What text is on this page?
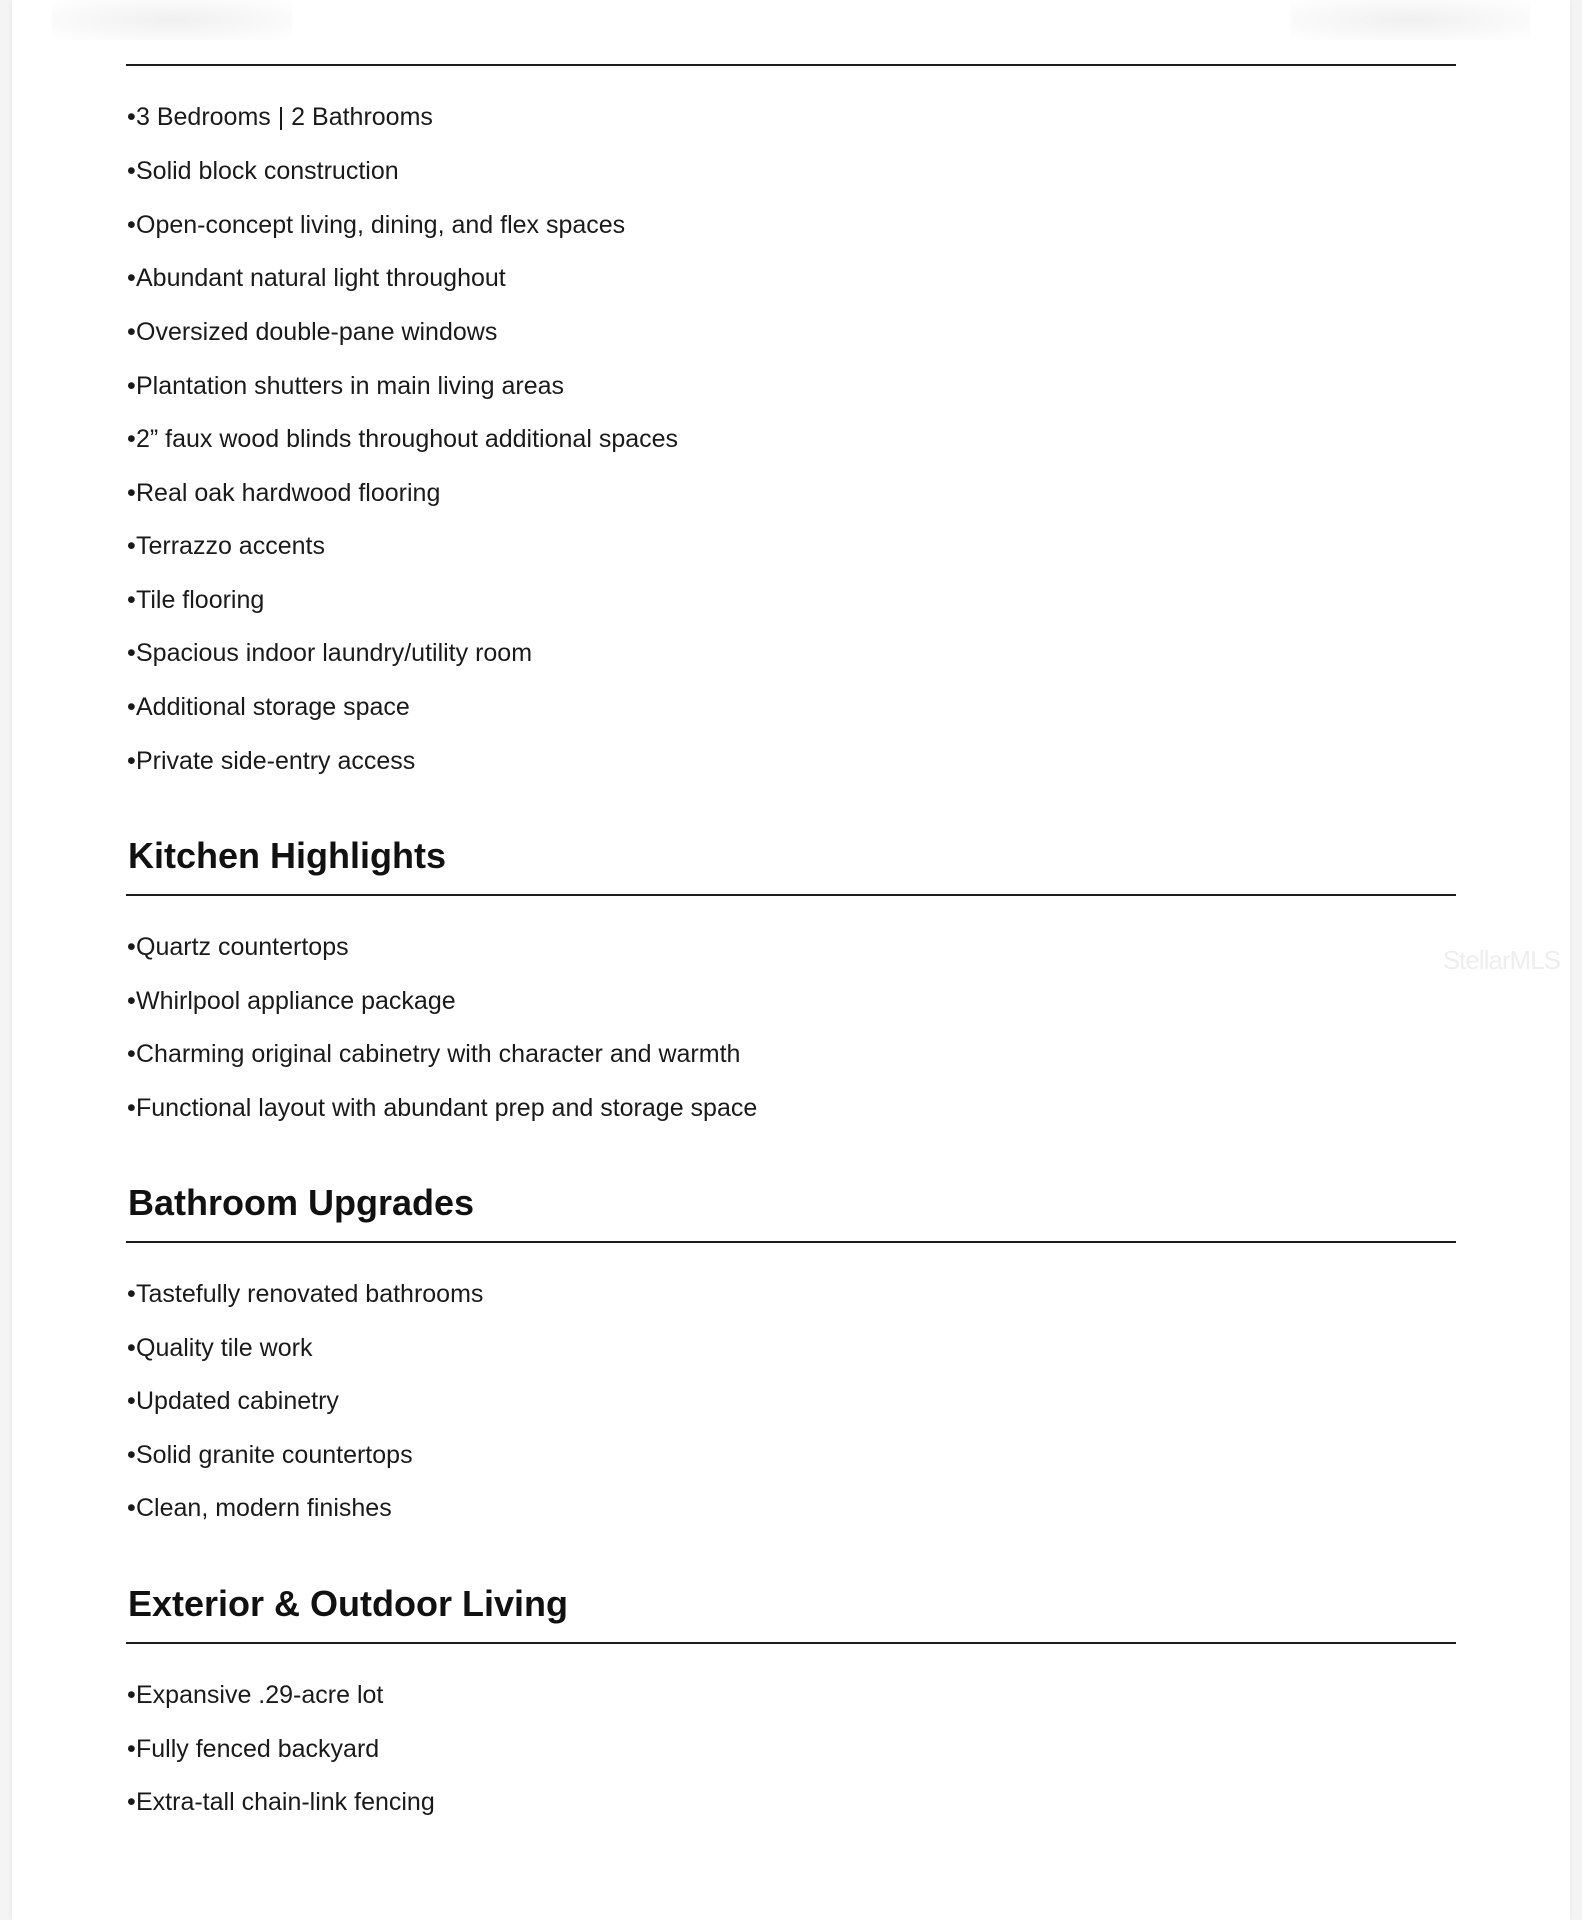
• 3 Bedrooms | 2 Bathrooms
• Solid block construction
• Open-concept living, dining, and flex spaces
• Abundant natural light throughout
• Oversized double-pane windows
• Plantation shutters in main living areas
• 2” faux wood blinds throughout additional spaces
• Real oak hardwood flooring
• Terrazzo accents
• Tile flooring
• Spacious indoor laundry/utility room
• Additional storage space
• Private side-entry access
Kitchen Highlights
• Quartz countertops
• Whirlpool appliance package
• Charming original cabinetry with character and warmth
• Functional layout with abundant prep and storage space
Bathroom Upgrades
• Tastefully renovated bathrooms
• Quality tile work
• Updated cabinetry
• Solid granite countertops
• Clean, modern finishes
Exterior & Outdoor Living
• Expansive .29-acre lot
• Fully fenced backyard
• Extra-tall chain-link fencing
StellarMLS
